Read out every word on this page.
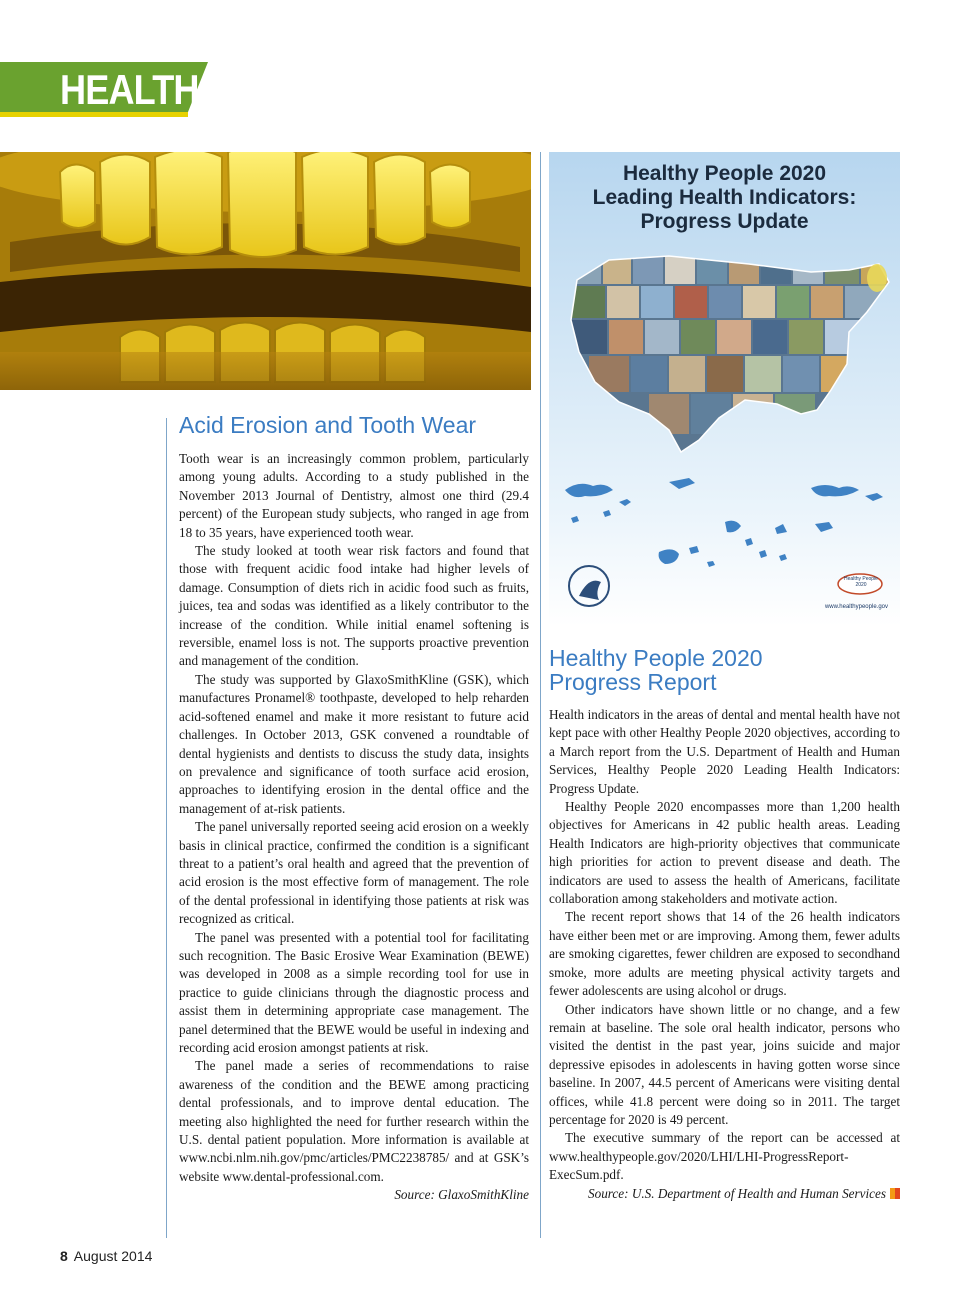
HEALTH
Healthy People 2020
Leading Health Indicators:
Progress Update
Healthy People 2020
www.healthypeople.gov
Acid Erosion and Tooth Wear

Tooth wear is an increasingly common problem, particularly among young adults. According to a study published in the November 2013 Journal of Dentistry, almost one third (29.4 percent) of the European study subjects, who ranged in age from 18 to 35 years, have experienced tooth wear.

The study looked at tooth wear risk factors and found that those with frequent acidic food intake had higher levels of damage. Consumption of diets rich in acidic food such as fruits, juices, tea and sodas was identified as a likely contributor to the increase of the condition. While initial enamel softening is reversible, enamel loss is not. The supports proactive prevention and management of the condition.

The study was supported by GlaxoSmithKline (GSK), which manufactures Pronamel® toothpaste, developed to help reharden acid-softened enamel and make it more resistant to future acid challenges. In October 2013, GSK convened a roundtable of dental hygienists and dentists to discuss the study data, insights on prevalence and significance of tooth surface acid erosion, approaches to identifying erosion in the dental office and the management of at-risk patients.

The panel universally reported seeing acid erosion on a weekly basis in clinical practice, confirmed the condition is a significant threat to a patient’s oral health and agreed that the prevention of acid erosion is the most effective form of management. The role of the dental professional in identifying those patients at risk was recognized as critical.

The panel was presented with a potential tool for facilitating such recognition. The Basic Erosive Wear Examination (BEWE) was developed in 2008 as a simple recording tool for use in practice to guide clinicians through the diagnostic process and assist them in determining appropriate case management. The panel determined that the BEWE would be useful in indexing and recording acid erosion amongst patients at risk.

The panel made a series of recommendations to raise awareness of the condition and the BEWE among practicing dental professionals, and to improve dental education. The meeting also highlighted the need for further research within the U.S. dental patient population. More information is available at www.ncbi.nlm.nih.gov/pmc/articles/PMC2238785/ and at GSK’s website www.dental-professional.com.

Source: GlaxoSmithKline

Healthy People 2020
Progress Report

Health indicators in the areas of dental and mental health have not kept pace with other Healthy People 2020 objectives, according to a March report from the U.S. Department of Health and Human Services, Healthy People 2020 Leading Health Indicators: Progress Update.

Healthy People 2020 encompasses more than 1,200 health objectives for Americans in 42 public health areas. Leading Health Indicators are high-priority objectives that communicate high priorities for action to prevent disease and death. The indicators are used to assess the health of Americans, facilitate collaboration among stakeholders and motivate action.

The recent report shows that 14 of the 26 health indicators have either been met or are improving. Among them, fewer adults are smoking cigarettes, fewer children are exposed to secondhand smoke, more adults are meeting physical activity targets and fewer adolescents are using alcohol or drugs.

Other indicators have shown little or no change, and a few remain at baseline. The sole oral health indicator, persons who visited the dentist in the past year, joins suicide and major depressive episodes in adolescents in having gotten worse since baseline. In 2007, 44.5 percent of Americans were visiting dental offices, while 41.8 percent were doing so in 2011. The target percentage for 2020 is 49 percent.

The executive summary of the report can be accessed at www.healthypeople.gov/2020/LHI/LHI-ProgressReport-ExecSum.pdf.

Source: U.S. Department of Health and Human Services

8 August 2014
